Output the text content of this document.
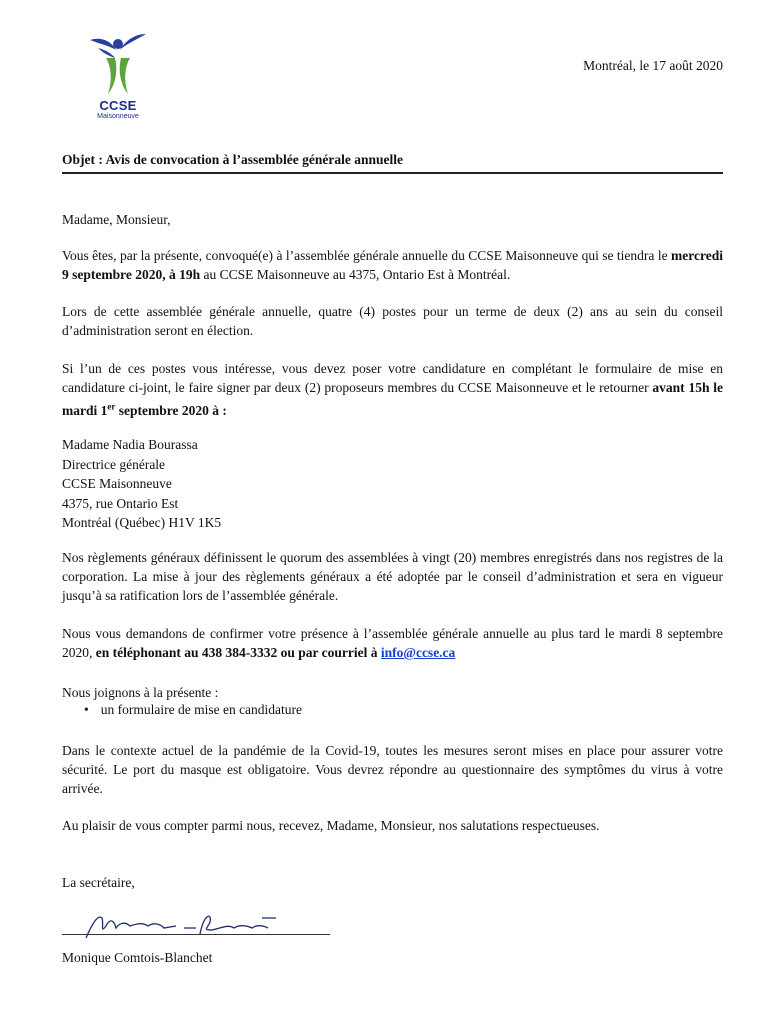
CCSE
Maisonneuve
Montréal, le 17 août 2020
Objet : Avis de convocation à l’assemblée générale annuelle
Madame, Monsieur,
Vous êtes, par la présente, convoqué(e) à l’assemblée générale annuelle du CCSE Maisonneuve qui se tiendra le mercredi 9 septembre 2020, à 19h au CCSE Maisonneuve au 4375, Ontario Est à Montréal.
Lors de cette assemblée générale annuelle, quatre (4) postes pour un terme de deux (2) ans au sein du conseil d’administration seront en élection.
Si l’un de ces postes vous intéresse, vous devez poser votre candidature en complétant le formulaire de mise en candidature ci-joint, le faire signer par deux (2) proposeurs membres du CCSE Maisonneuve et le retourner avant 15h le mardi 1er septembre 2020 à :
Madame Nadia Bourassa
Directrice générale
CCSE Maisonneuve
4375, rue Ontario Est
Montréal (Québec) H1V 1K5
Nos règlements généraux définissent le quorum des assemblées à vingt (20) membres enregistrés dans nos registres de la corporation. La mise à jour des règlements généraux a été adoptée par le conseil d’administration et sera en vigueur jusqu’à sa ratification lors de l’assemblée générale.
Nous vous demandons de confirmer votre présence à l’assemblée générale annuelle au plus tard le mardi 8 septembre 2020, en téléphonant au 438 384-3332 ou par courriel à info@ccse.ca
Nous joignons à la présente :
• un formulaire de mise en candidature
Dans le contexte actuel de la pandémie de la Covid-19, toutes les mesures seront mises en place pour assurer votre sécurité. Le port du masque est obligatoire. Vous devrez répondre au questionnaire des symptômes du virus à votre arrivée.
Au plaisir de vous compter parmi nous, recevez, Madame, Monsieur, nos salutations respectueuses.
La secrétaire,
Monique Comtois-Blanchet
